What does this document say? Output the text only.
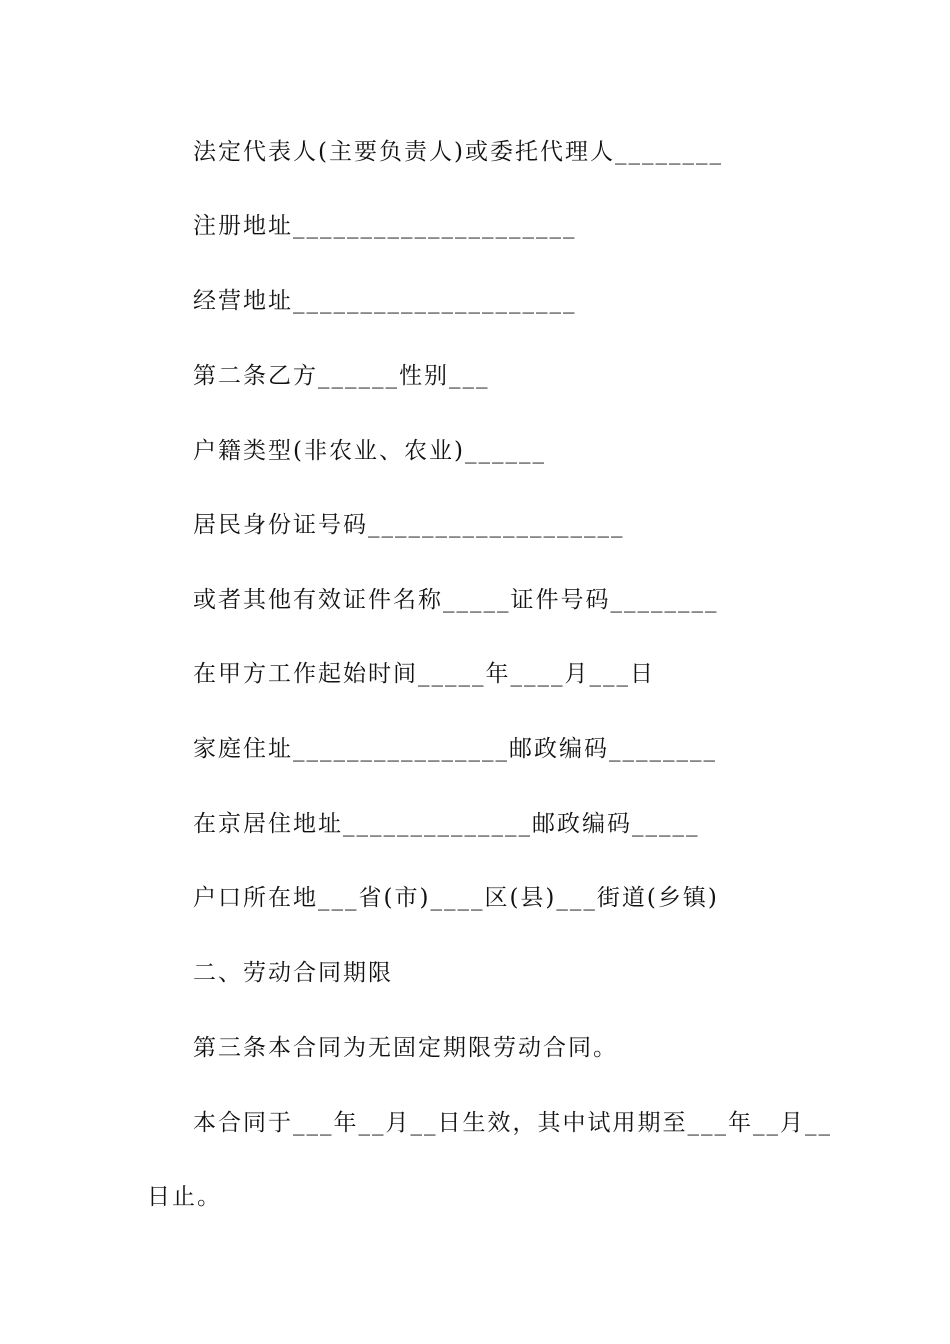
法定代表人(主要负责人)或委托代理人________
注册地址_____________________
经营地址_____________________
第二条乙方______性别___
户籍类型(非农业、农业)______
居民身份证号码___________________
或者其他有效证件名称_____证件号码________
在甲方工作起始时间_____年____月___日
家庭住址________________邮政编码________
在京居住地址______________邮政编码_____
户口所在地___省(市)____区(县)___街道(乡镇)
二、劳动合同期限
第三条本合同为无固定期限劳动合同。
本合同于___年__月__日生效，其中试用期至___年__月__
日止。
